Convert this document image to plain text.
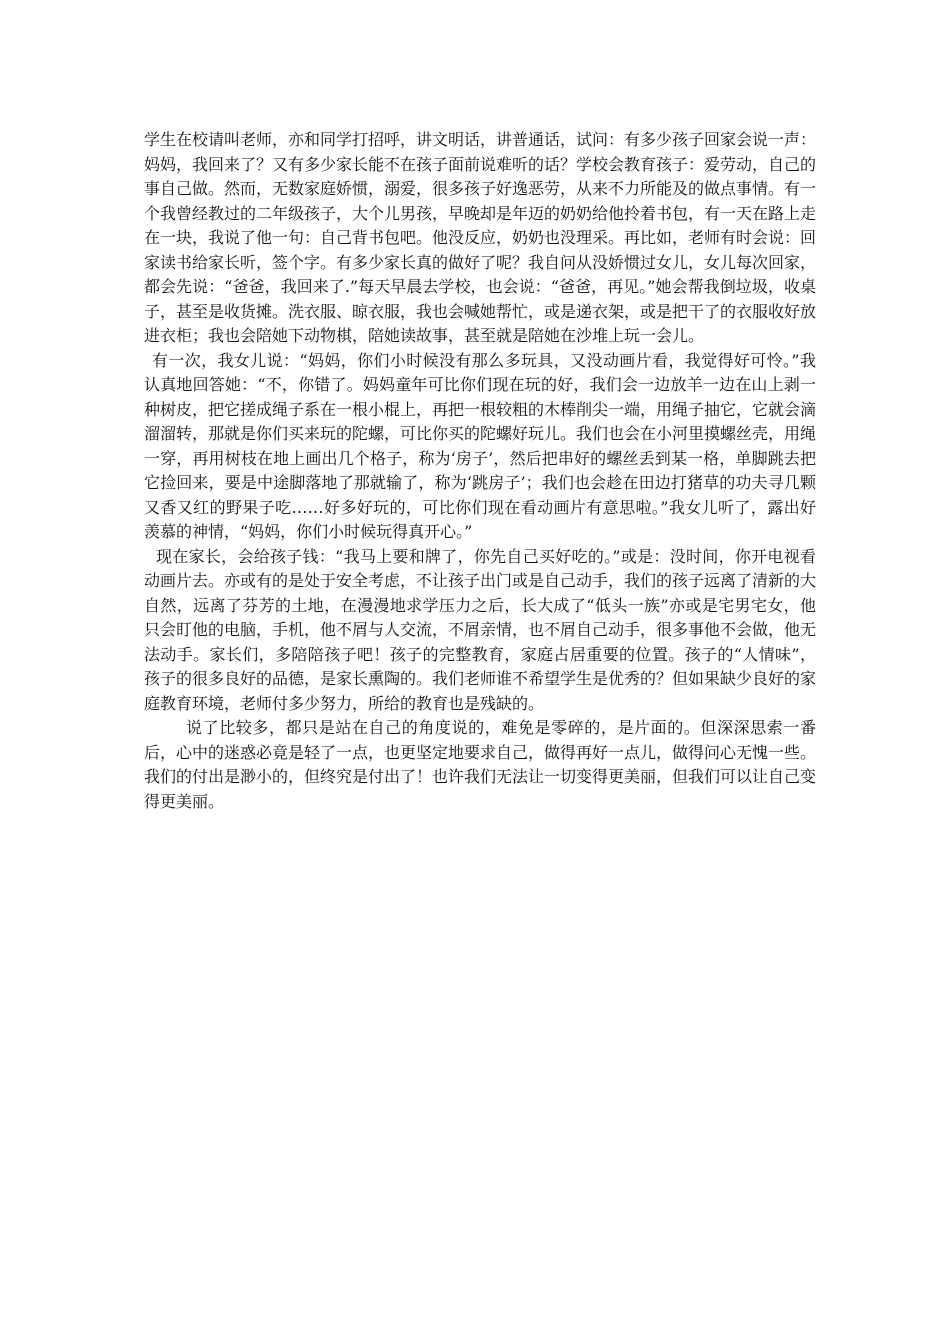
学生在校请叫老师，亦和同学打招呼，讲文明话，讲普通话，试问：有多少孩子回家会说一声：妈妈，我回来了？又有多少家长能不在孩子面前说难听的话？学校会教育孩子：爱劳动，自己的事自己做。然而，无数家庭娇惯，溺爱，很多孩子好逸恶劳，从来不力所能及的做点事情。有一个我曾经教过的二年级孩子，大个儿男孩，早晚却是年迈的奶奶给他拎着书包，有一天在路上走在一块，我说了他一句：自己背书包吧。他没反应，奶奶也没理采。再比如，老师有时会说：回家读书给家长听，签个字。有多少家长真的做好了呢？我自问从没娇惯过女儿，女儿每次回家，都会先说：“爸爸，我回来了.”每天早晨去学校，也会说：“爸爸，再见。”她会帮我倒垃圾，收桌子，甚至是收货摊。洗衣服、晾衣服，我也会喊她帮忙，或是递衣架，或是把干了的衣服收好放进衣柜；我也会陪她下动物棋，陪她读故事，甚至就是陪她在沙堆上玩一会儿。

有一次，我女儿说：“妈妈，你们小时候没有那么多玩具，又没动画片看，我觉得好可怜。”我认真地回答她：“不，你错了。妈妈童年可比你们现在玩的好，我们会一边放羊一边在山上剥一种树皮，把它搓成绳子系在一根小棍上，再把一根较粗的木棒削尖一端，用绳子抽它，它就会滴溜溜转，那就是你们买来玩的陀螺，可比你买的陀螺好玩儿。我们也会在小河里摸螺丝壳，用绳一穿，再用树枝在地上画出几个格子，称为‘房子’，然后把串好的螺丝丢到某一格，单脚跳去把它捡回来，要是中途脚落地了那就输了，称为‘跳房子’；我们也会趁在田边打猪草的功夫寻几颗又香又红的野果子吃……好多好玩的，可比你们现在看动画片有意思啦。”我女儿听了，露出好羡慕的神情，“妈妈，你们小时候玩得真开心。”

现在家长，会给孩子钱：“我马上要和牌了，你先自己买好吃的。”或是：没时间，你开电视看动画片去。亦或有的是处于安全考虑，不让孩子出门或是自己动手，我们的孩子远离了清新的大自然，远离了芬芳的土地，在漫漫地求学压力之后，长大成了“低头一族”亦或是宅男宅女，他只会盯他的电脑，手机，他不屑与人交流，不屑亲情，也不屑自己动手，很多事他不会做，他无法动手。家长们，多陪陪孩子吧！孩子的完整教育，家庭占居重要的位置。孩子的“人情味”，孩子的很多良好的品德，是家长熏陶的。我们老师谁不希望学生是优秀的？但如果缺少良好的家庭教育环境，老师付多少努力，所给的教育也是残缺的。

说了比较多，都只是站在自己的角度说的，难免是零碎的，是片面的。但深深思索一番后，心中的迷惑必竟是轻了一点，也更坚定地要求自己，做得再好一点儿，做得问心无愧一些。我们的付出是渺小的，但终究是付出了！也许我们无法让一切变得更美丽，但我们可以让自己变得更美丽。
